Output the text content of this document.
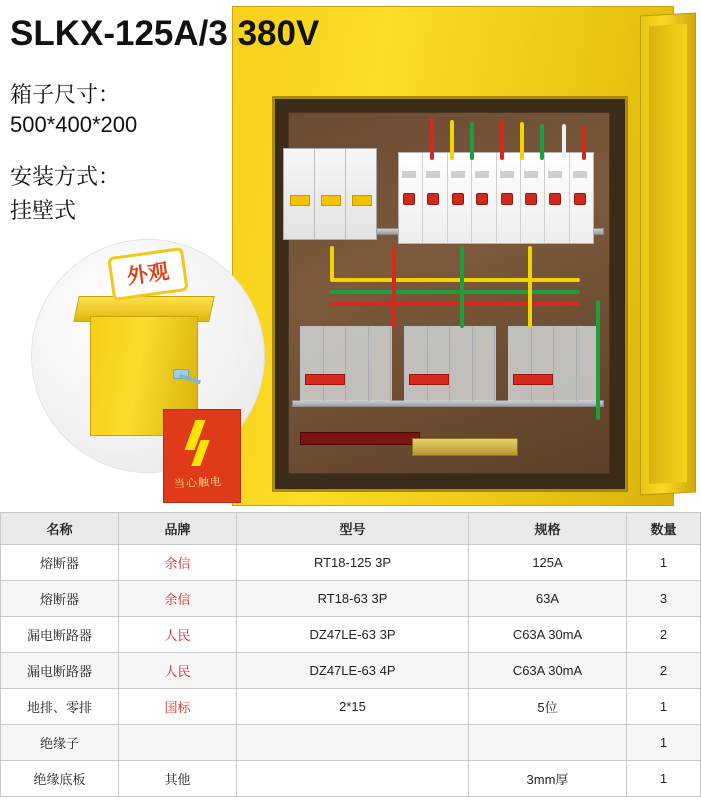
当心触电
外观
SLKX-125A/3 380V
箱子尺寸：
500*400*200
安装方式：
挂壁式
名称	品牌	型号	规格	数量
熔断器	余信	RT18-125 3P	125A	1
熔断器	余信	RT18-63 3P	63A	3
漏电断路器	人民	DZ47LE-63 3P	C63A 30mA	2
漏电断路器	人民	DZ47LE-63 4P	C63A 30mA	2
地排、零排	国标	2*15	5位	1
绝缘子				1
绝缘底板	其他		3mm厚	1
